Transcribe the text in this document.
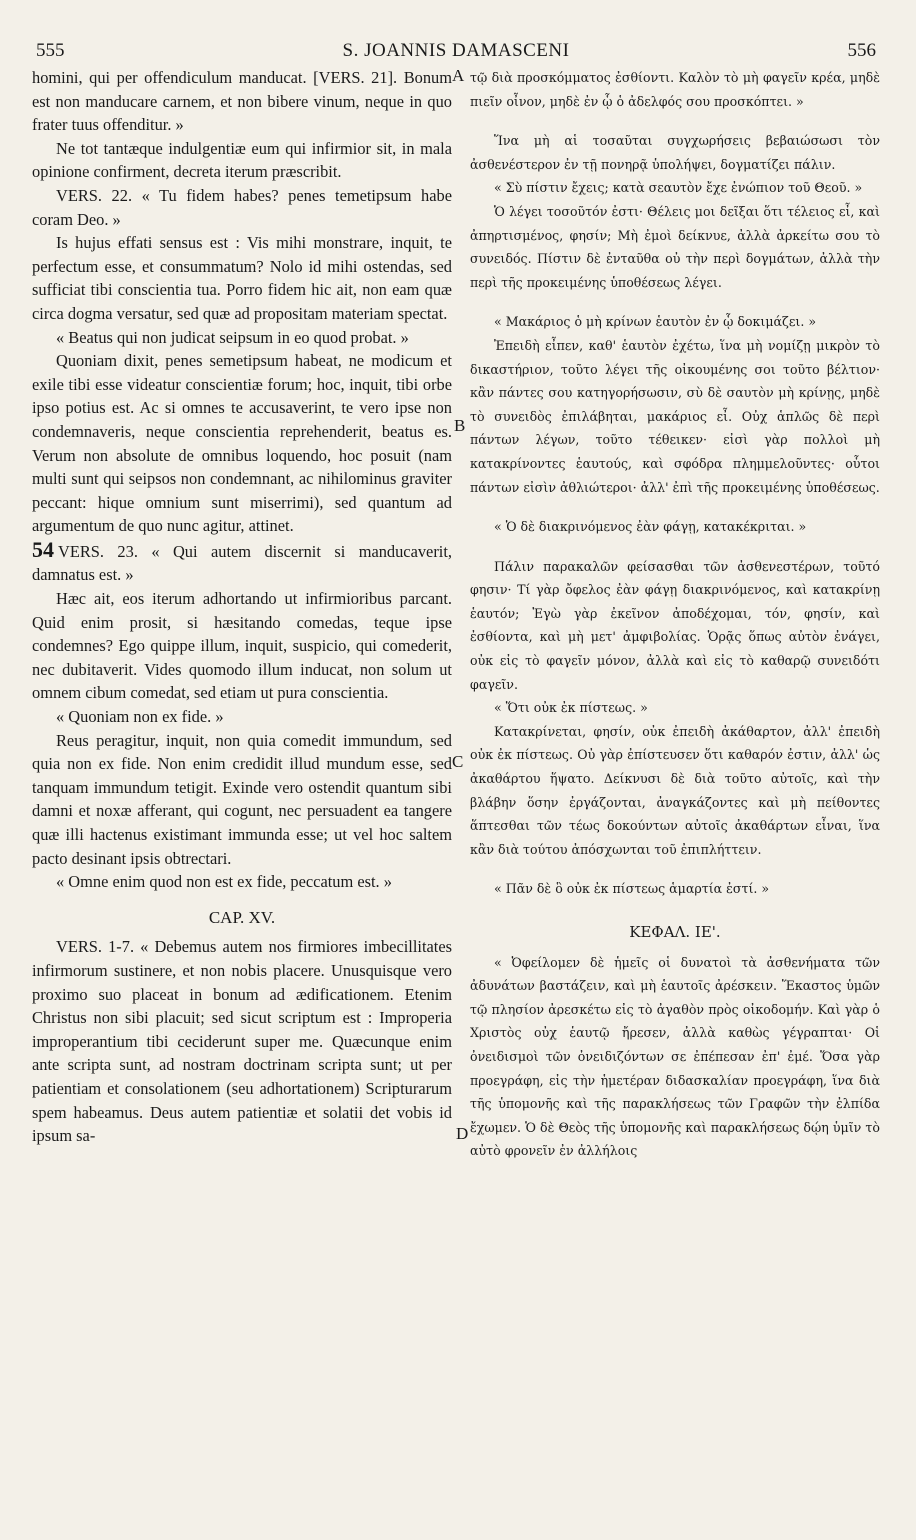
555	S. JOANNIS DAMASCENI	556
A
B
C
D

homini, qui per offendiculum manducat. [VERS. 21]. Bonum est non manducare carnem, et non bibere vinum, neque in quo frater tuus offenditur. »

Ne tot tantæque indulgentiæ eum qui infirmior sit, in mala opinione confirment, decreta iterum præscribit.

VERS. 22. « Tu fidem habes? penes temetipsum habe coram Deo. »

Is hujus effati sensus est : Vis mihi monstrare, inquit, te perfectum esse, et consummatum? Nolo id mihi ostendas, sed sufficiat tibi conscientia tua. Porro fidem hic ait, non eam quæ circa dogma versatur, sed quæ ad propositam materiam spectat.

« Beatus qui non judicat seipsum in eo quod probat. »

Quoniam dixit, penes semetipsum habeat, ne modicum et exile tibi esse videatur conscientiæ forum; hoc, inquit, tibi orbe ipso potius est. Ac si omnes te accusaverint, te vero ipse non condemnaveris, neque conscientia reprehenderit, beatus es. Verum non absolute de omnibus loquendo, hoc posuit (nam multi sunt qui seipsos non condemnant, ac nihilominus graviter peccant: hique omnium sunt miserrimi), sed quantum ad argumentum de quo nunc agitur, attinet.

54 VERS. 23. « Qui autem discernit si manducaverit, damnatus est. »

Hæc ait, eos iterum adhortando ut infirmioribus parcant. Quid enim prosit, si hæsitando comedas, teque ipse condemnes? Ego quippe illum, inquit, suspicio, qui comederit, nec dubitaverit. Vides quomodo illum inducat, non solum ut omnem cibum comedat, sed etiam ut pura conscientia.

« Quoniam non ex fide. »

Reus peragitur, inquit, non quia comedit immundum, sed quia non ex fide. Non enim credidit illud mundum esse, sed tanquam immundum tetigit. Exinde vero ostendit quantum sibi damni et noxæ afferant, qui cogunt, nec persuadent ea tangere quæ illi hactenus existimant immunda esse; ut vel hoc saltem pacto desinant ipsis obtrectari.

« Omne enim quod non est ex fide, peccatum est. »

CAP. XV.

VERS. 1-7. « Debemus autem nos firmiores imbecillitates infirmorum sustinere, et non nobis placere. Unusquisque vero proximo suo placeat in bonum ad ædificationem. Etenim Christus non sibi placuit; sed sicut scriptum est : Improperia improperantium tibi ceciderunt super me. Quæcunque enim ante scripta sunt, ad nostram doctrinam scripta sunt; ut per patientiam et consolationem (seu adhortationem) Scripturarum spem habeamus. Deus autem patientiæ et solatii det vobis id ipsum sa-

τῷ διὰ προσκόμματος ἐσθίοντι. Καλὸν τὸ μὴ φαγεῖν κρέα, μηδὲ πιεῖν οἶνον, μηδὲ ἐν ᾧ ὁ ἀδελφός σου προσκόπτει. »

Ἵνα μὴ αἱ τοσαῦται συγχωρήσεις βεβαιώσωσι τὸν ἀσθενέστερον ἐν τῇ πονηρᾷ ὑπολήψει, δογματίζει πάλιν.

« Σὺ πίστιν ἔχεις; κατὰ σεαυτὸν ἔχε ἐνώπιον τοῦ Θεοῦ. »

Ὁ λέγει τοσοῦτόν ἐστι· Θέλεις μοι δεῖξαι ὅτι τέλειος εἶ, καὶ ἀπηρτισμένος, φησίν; Μὴ ἐμοὶ δείκνυε, ἀλλὰ ἀρκείτω σου τὸ συνειδός. Πίστιν δὲ ἐνταῦθα οὐ τὴν περὶ δογμάτων, ἀλλὰ τὴν περὶ τῆς προκειμένης ὑποθέσεως λέγει.

« Μακάριος ὁ μὴ κρίνων ἑαυτὸν ἐν ᾧ δοκιμάζει. »

Ἐπειδὴ εἶπεν, καθ' ἑαυτὸν ἐχέτω, ἵνα μὴ νομίζῃ μικρὸν τὸ δικαστήριον, τοῦτο λέγει τῆς οἰκουμένης σοι τοῦτο βέλτιον· κἂν πάντες σου κατηγορήσωσιν, σὺ δὲ σαυτὸν μὴ κρίνῃς, μηδὲ τὸ συνειδὸς ἐπιλάβηται, μακάριος εἶ. Οὐχ ἁπλῶς δὲ περὶ πάντων λέγων, τοῦτο τέθεικεν· εἰσὶ γὰρ πολλοὶ μὴ κατακρίνοντες ἑαυτούς, καὶ σφόδρα πλημμελοῦντες· οὗτοι πάντων εἰσὶν ἀθλιώτεροι· ἀλλ' ἐπὶ τῆς προκειμένης ὑποθέσεως.

« Ὁ δὲ διακρινόμενος ἐὰν φάγῃ, κατακέκριται. »

Πάλιν παρακαλῶν φείσασθαι τῶν ἀσθενεστέρων, τοῦτό φησιν· Τί γὰρ ὄφελος ἐὰν φάγῃ διακρινόμενος, καὶ κατακρίνῃ ἑαυτόν; Ἐγὼ γὰρ ἐκεῖνον ἀποδέχομαι, τόν, φησίν, καὶ ἐσθίοντα, καὶ μὴ μετ' ἀμφιβολίας. Ὁρᾷς ὅπως αὐτὸν ἐνάγει, οὐκ εἰς τὸ φαγεῖν μόνον, ἀλλὰ καὶ εἰς τὸ καθαρῷ συνειδότι φαγεῖν.

« Ὅτι οὐκ ἐκ πίστεως. »

Κατακρίνεται, φησίν, οὐκ ἐπειδὴ ἀκάθαρτον, ἀλλ' ἐπειδὴ οὐκ ἐκ πίστεως. Οὐ γὰρ ἐπίστευσεν ὅτι καθαρόν ἐστιν, ἀλλ' ὡς ἀκαθάρτου ἥψατο. Δείκνυσι δὲ διὰ τοῦτο αὐτοῖς, καὶ τὴν βλάβην ὅσην ἐργάζονται, ἀναγκάζοντες καὶ μὴ πείθοντες ἅπτεσθαι τῶν τέως δοκούντων αὐτοῖς ἀκαθάρτων εἶναι, ἵνα κἂν διὰ τούτου ἀπόσχωνται τοῦ ἐπιπλήττειν.

« Πᾶν δὲ ὃ οὐκ ἐκ πίστεως ἁμαρτία ἐστί. »

ΚΕΦΑΛ. ΙΕ'.

« Ὀφείλομεν δὲ ἡμεῖς οἱ δυνατοὶ τὰ ἀσθενήματα τῶν ἀδυνάτων βαστάζειν, καὶ μὴ ἑαυτοῖς ἀρέσκειν. Ἕκαστος ὑμῶν τῷ πλησίον ἀρεσκέτω εἰς τὸ ἀγαθὸν πρὸς οἰκοδομήν. Καὶ γὰρ ὁ Χριστὸς οὐχ ἑαυτῷ ἤρεσεν, ἀλλὰ καθὼς γέγραπται· Οἱ ὀνειδισμοὶ τῶν ὀνειδιζόντων σε ἐπέπεσαν ἐπ' ἐμέ. Ὅσα γὰρ προεγράφη, εἰς τὴν ἡμετέραν διδασκαλίαν προεγράφη, ἵνα διὰ τῆς ὑπομονῆς καὶ τῆς παρακλήσεως τῶν Γραφῶν τὴν ἐλπίδα ἔχωμεν. Ὁ δὲ Θεὸς τῆς ὑπομονῆς καὶ παρακλήσεως δῴη ὑμῖν τὸ αὐτὸ φρονεῖν ἐν ἀλλήλοις
